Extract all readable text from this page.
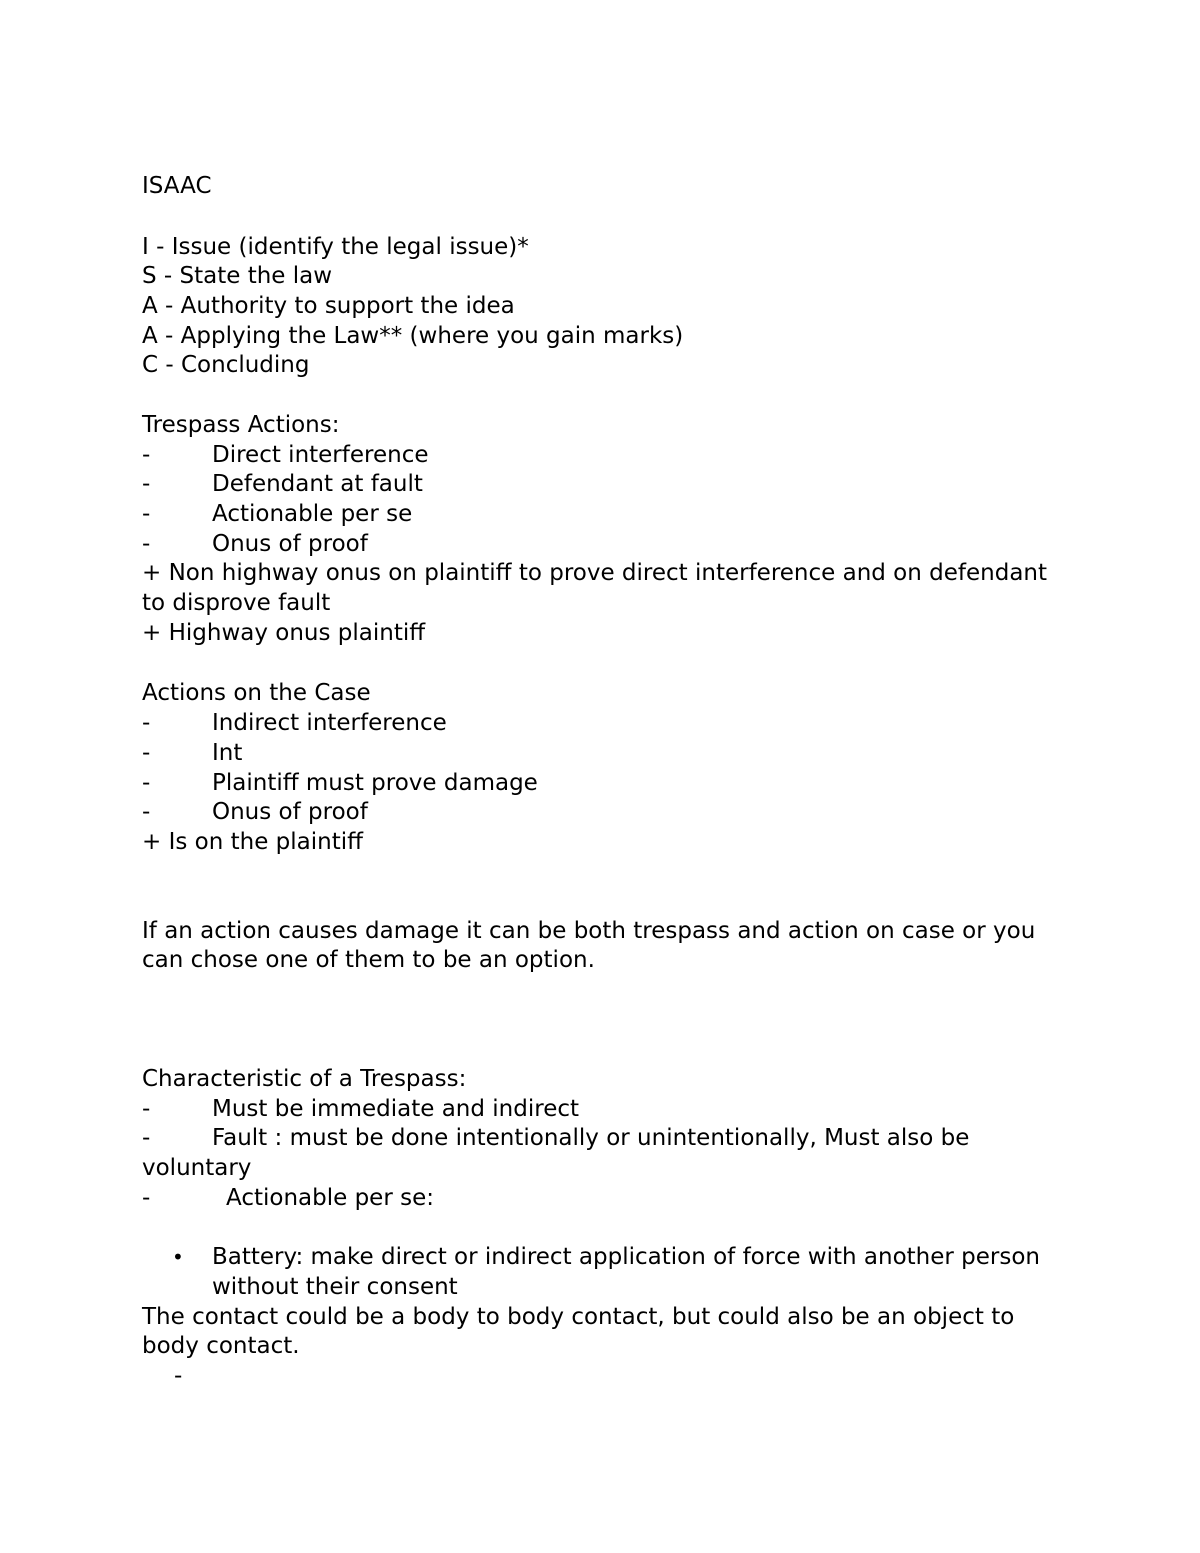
ISAAC
I - Issue (identify the legal issue)*
S - State the law
A - Authority to support the idea
A - Applying the Law** (where you gain marks)
C - Concluding
Trespass Actions:
-	Direct interference
-	Defendant at fault
-	Actionable per se
-	Onus of proof
+ Non highway onus on plaintiff to prove direct interference and on defendant to disprove fault
+ Highway onus plaintiff
Actions on the Case
-	Indirect interference
-	Int
-	Plaintiff must prove damage
-	Onus of proof
+ Is on the plaintiff
If an action causes damage it can be both trespass and action on case or you can chose one of them to be an option.
Characteristic of a Trespass:
-	Must be immediate and indirect
-	Fault : must be done intentionally or unintentionally, Must also be voluntary
-	Actionable per se:
•	Battery: make direct or indirect application of force with another person without their consent
The contact could be a body to body contact, but could also be an object to body contact.
-
